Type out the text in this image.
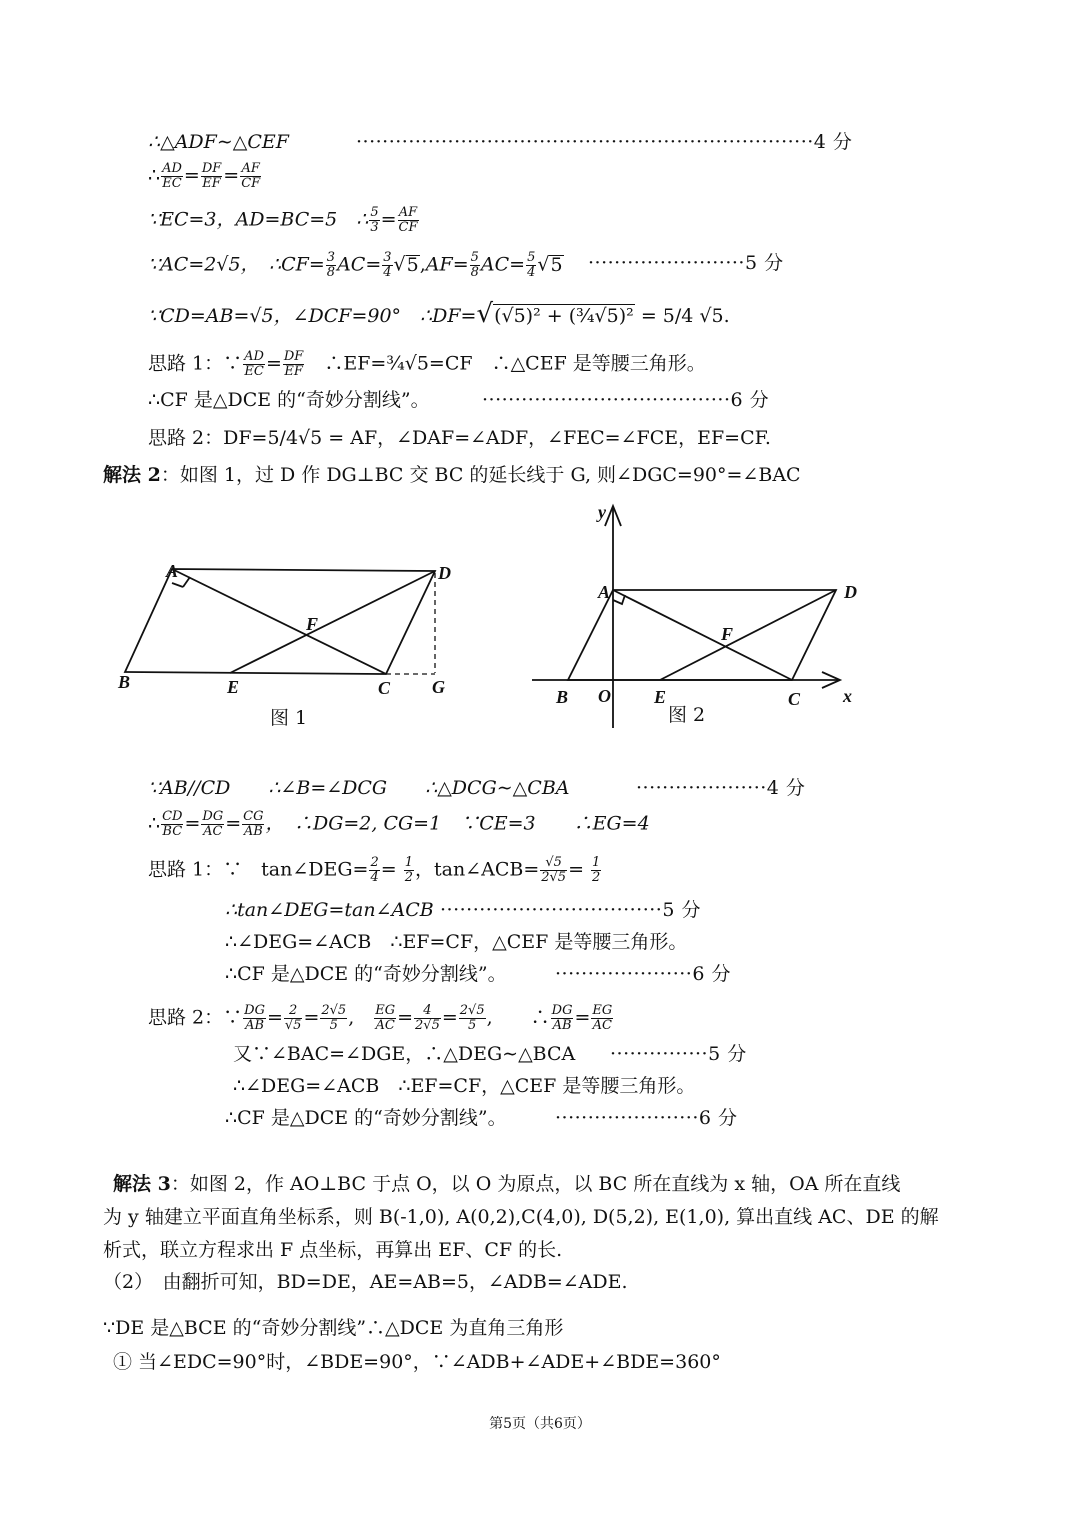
∴△ADF∼△CEF	······································································4 分
∴ $\frac{AD}{EC} = \frac{DF}{EF} = \frac{AF}{CF}$
∵EC=3，AD=BC=5　∴ $\frac{5}{3} = \frac{AF}{CF}$
∵AC=2√5，　∴CF= $\frac{3}{8} AC= \frac{3}{4} √5,AF= \frac{5}{8} AC= \frac{5}{4} √5 \cdot\cdot\cdot\cdot\cdot\cdot\cdot\cdot\cdot\cdot\cdot\cdot\cdot\cdot\cdot\cdot\cdot\cdot\cdot\cdot\cdot\cdot\cdot\cdot 5$ 分
∵CD=AB=√5，∠DCF=90°　∴DF=√(√5)² + (¾√5)² = 5/4 √5.
思路 1：∵ $\frac{AD}{EC} = \frac{DF}{EF}$
　 ∴EF=¾√5=CF　∴△CEF 是等腰三角形。
∴CF 是△DCE 的“奇妙分割线”。	······································6 分
思路 2：DF=5/4√5 = AF，∠DAF=∠ADF，∠FEC=∠FCE，EF=CF.
解法 2：如图 1，过 D 作 DG⊥BC 交 BC 的延长线于 G, 则∠DGC=90°=∠BAC
A
B	E	C G
D
F
图 1
y
A	D
F
B O E	C x
图 2
∵AB//CD　　∴∠B=∠DCG　　∴△DCG∼△CBA	····················4 分
∴ $\frac{CD}{BC} = \frac{DG}{AC} = \frac{CG}{AB}$ ，　∴DG=2, CG=1　∵CE=3　　∴EG=4
思路 1：∵　tan∠DEG= $\frac{2}{4} = \frac{1}{2}$ ，tan∠ACB= $\frac{√5}{2√5} = \frac{1}{2}$
∴tan∠DEG=tan∠ACB ··································5 分
∴∠DEG=∠ACB　∴EF=CF，△CEF 是等腰三角形。
∴CF 是△DCE 的“奇妙分割线”。	·····················6 分
思路 2：∵ $\frac{DG}{AB} = \frac{2}{√5} = \frac{2√5}{5}$ ,　 $\frac{EG}{AC} = \frac{4}{2√5} = \frac{2√5}{5}$ ,　　∴ $\frac{DG}{AB} = \frac{EG}{AC}$
又∵∠BAC=∠DGE，∴△DEG∼△BCA ···············5 分
∴∠DEG=∠ACB　∴EF=CF，△CEF 是等腰三角形。
∴CF 是△DCE 的“奇妙分割线”。	······················6 分
解法 3：如图 2，作 AO⊥BC 于点 O，以 O 为原点，以 BC 所在直线为 x 轴，OA 所在直线
为 y 轴建立平面直角坐标系，则 B(-1,0), A(0,2),C(4,0), D(5,2), E(1,0), 算出直线 AC、DE 的解
析式，联立方程求出 F 点坐标，再算出 EF、CF 的长.
（2）　由翻折可知，BD=DE，AE=AB=5，∠ADB=∠ADE.
∵DE 是△BCE 的“奇妙分割线”∴△DCE 为直角三角形
① 当∠EDC=90°时，∠BDE=90°，∵∠ADB+∠ADE+∠BDE=360°
第5页（共6页）
